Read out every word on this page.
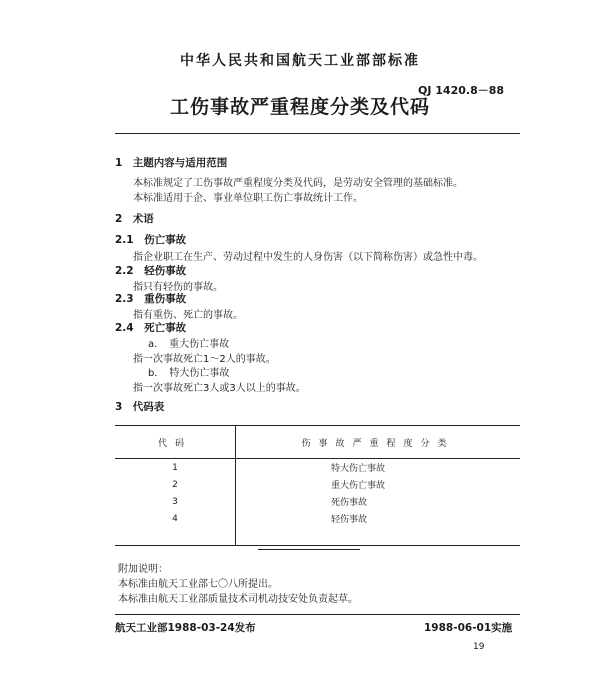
中华人民共和国航天工业部部标准
QJ 1420.8－88
工伤事故严重程度分类及代码
1　主题内容与适用范围
本标准规定了工伤事故严重程度分类及代码，是劳动安全管理的基础标准。
本标准适用于企、事业单位职工伤亡事故统计工作。
2　术语
2.1　伤亡事故
指企业职工在生产、劳动过程中发生的人身伤害（以下简称伤害）或急性中毒。
2.2　轻伤事故
指只有轻伤的事故。
2.3　重伤事故
指有重伤、死亡的事故。
2.4　死亡事故
a．　重大伤亡事故
指一次事故死亡1～2人的事故。
b．　特大伤亡事故
指一次事故死亡3人或3人以上的事故。
3　代码表
代码	伤事故严重程度分类
1	特大伤亡事故
2	重大伤亡事故
3	死伤事故
4	轻伤事故

附加说明：
本标准由航天工业部七〇八所提出。
本标准由航天工业部质量技术司机动技安处负责起草。
航天工业部1988-03-24发布	1988-06-01实施
19
